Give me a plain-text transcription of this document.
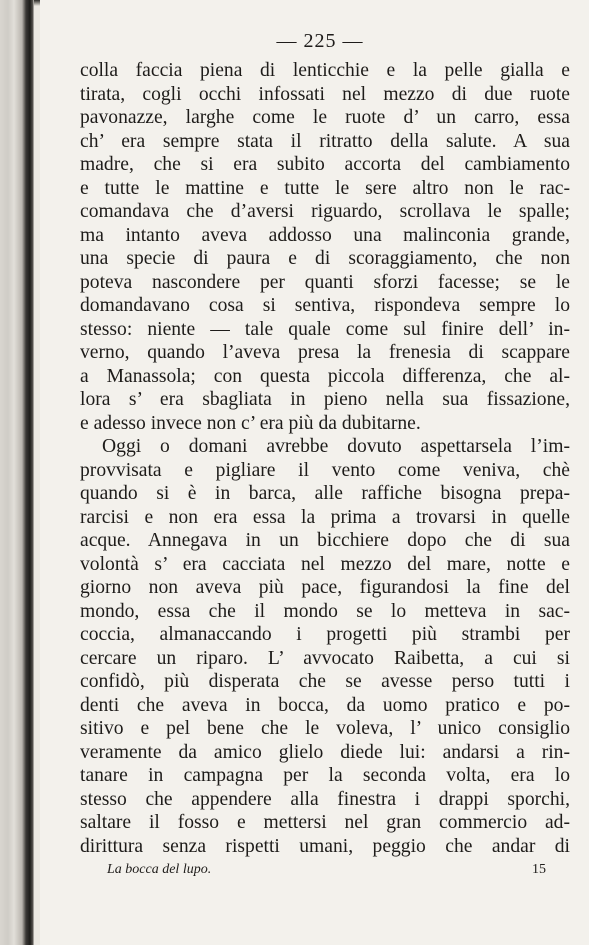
— 225 —
colla faccia piena di lenticchie e la pelle gialla e
tirata, cogli occhi infossati nel mezzo di due ruote
pavonazze, larghe come le ruote d’ un carro, essa
ch’ era sempre stata il ritratto della salute. A sua
madre, che si era subito accorta del cambiamento
e tutte le mattine e tutte le sere altro non le rac-
comandava che d’aversi riguardo, scrollava le spalle;
ma intanto aveva addosso una malinconia grande,
una specie di paura e di scoraggiamento, che non
poteva nascondere per quanti sforzi facesse; se le
domandavano cosa si sentiva, rispondeva sempre lo
stesso: niente — tale quale come sul finire dell’ in-
verno, quando l’aveva presa la frenesia di scappare
a Manassola; con questa piccola differenza, che al-
lora s’ era sbagliata in pieno nella sua fissazione,
e adesso invece non c’ era più da dubitarne.
Oggi o domani avrebbe dovuto aspettarsela l’im-
provvisata e pigliare il vento come veniva, chè
quando si è in barca, alle raffiche bisogna prepa-
rarcisi e non era essa la prima a trovarsi in quelle
acque. Annegava in un bicchiere dopo che di sua
volontà s’ era cacciata nel mezzo del mare, notte e
giorno non aveva più pace, figurandosi la fine del
mondo, essa che il mondo se lo metteva in sac-
coccia, almanaccando i progetti più strambi per
cercare un riparo. L’ avvocato Raibetta, a cui si
confidò, più disperata che se avesse perso tutti i
denti che aveva in bocca, da uomo pratico e po-
sitivo e pel bene che le voleva, l’ unico consiglio
veramente da amico glielo diede lui: andarsi a rin-
tanare in campagna per la seconda volta, era lo
stesso che appendere alla finestra i drappi sporchi,
saltare il fosso e mettersi nel gran commercio ad-
dirittura senza rispetti umani, peggio che andar di
La bocca del lupo.	15
